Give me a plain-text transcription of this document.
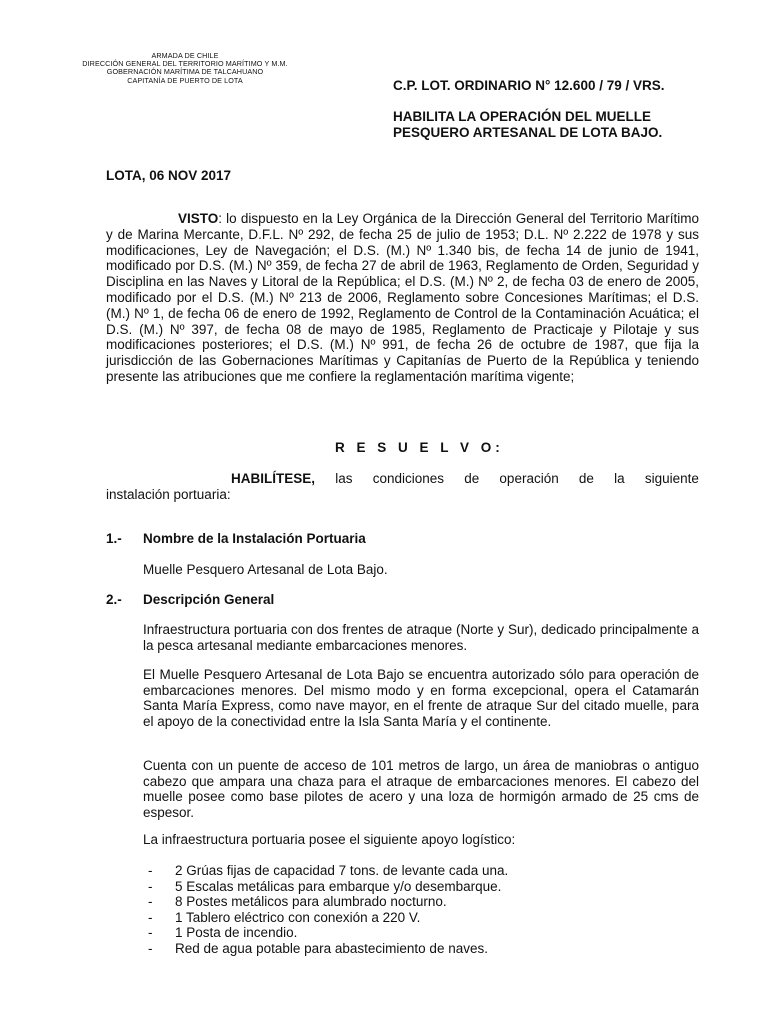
ARMADA DE CHILE
DIRECCIÓN GENERAL DEL TERRITORIO MARÍTIMO Y M.M.
GOBERNACIÓN MARÍTIMA DE TALCAHUANO
CAPITANÍA DE PUERTO DE LOTA	C.P. LOT. ORDINARIO N° 12.600 / 79 / VRS.
HABILITA LA OPERACIÓN DEL MUELLE
PESQUERO ARTESANAL DE LOTA BAJO.
LOTA, 06 NOV 2017
VISTO: lo dispuesto en la Ley Orgánica de la Dirección General del Territorio Marítimo y de Marina Mercante, D.F.L. Nº 292, de fecha 25 de julio de 1953; D.L. Nº 2.222 de 1978 y sus modificaciones, Ley de Navegación; el D.S. (M.) Nº 1.340 bis, de fecha 14 de junio de 1941, modificado por D.S. (M.) Nº 359, de fecha 27 de abril de 1963, Reglamento de Orden, Seguridad y Disciplina en las Naves y Litoral de la República; el D.S. (M.) Nº 2, de fecha 03 de enero de 2005, modificado por el D.S. (M.) Nº 213 de 2006, Reglamento sobre Concesiones Marítimas; el D.S. (M.) Nº 1, de fecha 06 de enero de 1992, Reglamento de Control de la Contaminación Acuática; el D.S. (M.) Nº 397, de fecha 08 de mayo de 1985, Reglamento de Practicaje y Pilotaje y sus modificaciones posteriores; el D.S. (M.) Nº 991, de fecha 26 de octubre de 1987, que fija la jurisdicción de las Gobernaciones Marítimas y Capitanías de Puerto de la República y teniendo presente las atribuciones que me confiere la reglamentación marítima vigente;
R E S U E L V O:
HABILÍTESE, las condiciones de operación de la siguiente
instalación portuaria:
1.- Nombre de la Instalación Portuaria
Muelle Pesquero Artesanal de Lota Bajo.
2.- Descripción General
Infraestructura portuaria con dos frentes de atraque (Norte y Sur), dedicado principalmente a la pesca artesanal mediante embarcaciones menores.
El Muelle Pesquero Artesanal de Lota Bajo se encuentra autorizado sólo para operación de embarcaciones menores. Del mismo modo y en forma excepcional, opera el Catamarán Santa María Express, como nave mayor, en el frente de atraque Sur del citado muelle, para el apoyo de la conectividad entre la Isla Santa María y el continente.
Cuenta con un puente de acceso de 101 metros de largo, un área de maniobras o antiguo cabezo que ampara una chaza para el atraque de embarcaciones menores. El cabezo del muelle posee como base pilotes de acero y una loza de hormigón armado de 25 cms de espesor.
La infraestructura portuaria posee el siguiente apoyo logístico:
-	2 Grúas fijas de capacidad 7 tons. de levante cada una.
-	5 Escalas metálicas para embarque y/o desembarque.
-	8 Postes metálicos para alumbrado nocturno.
-	1 Tablero eléctrico con conexión a 220 V.
-	1 Posta de incendio.
-	Red de agua potable para abastecimiento de naves.
